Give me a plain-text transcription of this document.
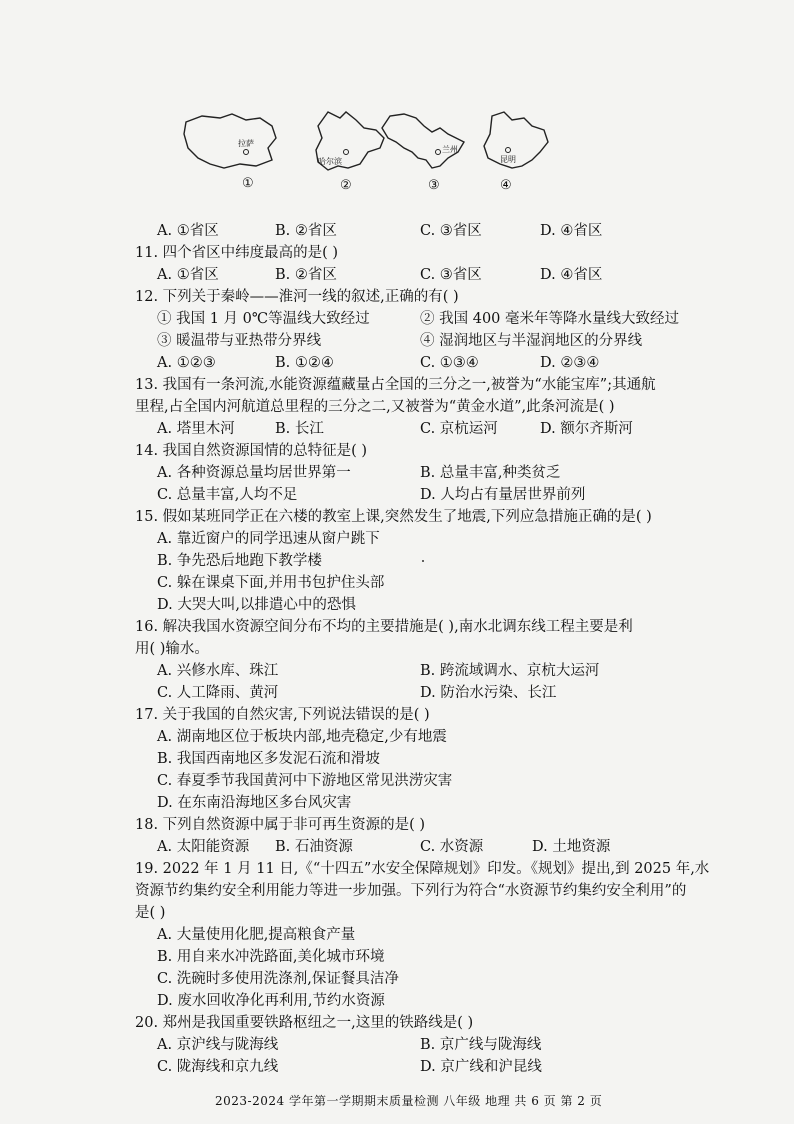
拉萨
①
哈尔滨
②
兰州
③
昆明
④
A. ①省区	B. ②省区	C. ③省区	D. ④省区
11. 四个省区中纬度最高的是( )
A. ①省区	B. ②省区	C. ③省区	D. ④省区
12. 下列关于秦岭——淮河一线的叙述,正确的有( )
① 我国 1 月 0℃等温线大致经过	② 我国 400 毫米年等降水量线大致经过
③ 暖温带与亚热带分界线	④ 湿润地区与半湿润地区的分界线
A. ①②③	B. ①②④	C. ①③④	D. ②③④
13. 我国有一条河流,水能资源蕴藏量占全国的三分之一,被誉为“水能宝库”;其通航
里程,占全国内河航道总里程的三分之二,又被誉为“黄金水道”,此条河流是( )
A. 塔里木河	B. 长江	C. 京杭运河	D. 额尔齐斯河
14. 我国自然资源国情的总特征是( )
A. 各种资源总量均居世界第一	B. 总量丰富,种类贫乏
C. 总量丰富,人均不足	D. 人均占有量居世界前列
15. 假如某班同学正在六楼的教室上课,突然发生了地震,下列应急措施正确的是( )
A. 靠近窗户的同学迅速从窗户跳下
B. 争先恐后地跑下教学楼
C. 躲在课桌下面,并用书包护住头部
D. 大哭大叫,以排遣心中的恐惧
16. 解决我国水资源空间分布不均的主要措施是( ),南水北调东线工程主要是利
用( )输水。
A. 兴修水库、珠江	B. 跨流域调水、京杭大运河
C. 人工降雨、黄河	D. 防治水污染、长江
17. 关于我国的自然灾害,下列说法错误的是( )
A. 湖南地区位于板块内部,地壳稳定,少有地震
B. 我国西南地区多发泥石流和滑坡
C. 春夏季节我国黄河中下游地区常见洪涝灾害
D. 在东南沿海地区多台风灾害
18. 下列自然资源中属于非可再生资源的是( )
A. 太阳能资源 B. 石油资源	C. 水资源	D. 土地资源
19. 2022 年 1 月 11 日,《“十四五”水安全保障规划》印发。《规划》提出,到 2025 年,水
资源节约集约安全利用能力等进一步加强。下列行为符合“水资源节约集约安全利用”的
是( )
A. 大量使用化肥,提高粮食产量
B. 用自来水冲洗路面,美化城市环境
C. 洗碗时多使用洗涤剂,保证餐具洁净
D. 废水回收净化再利用,节约水资源
20. 郑州是我国重要铁路枢纽之一,这里的铁路线是( )
A. 京沪线与陇海线	B. 京广线与陇海线
C. 陇海线和京九线	D. 京广线和沪昆线
2023-2024 学年第一学期期末质量检测 八年级 地理 共 6 页 第 2 页
